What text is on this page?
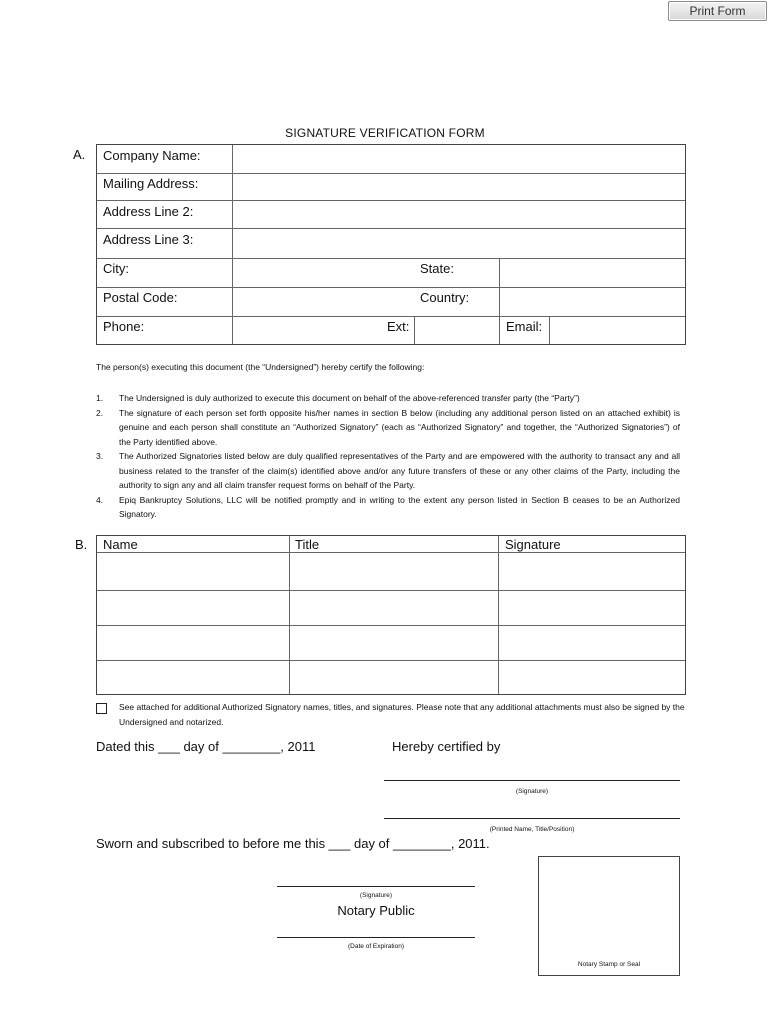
Print Form
SIGNATURE VERIFICATION FORM
A. Company Name:
Mailing Address:
Address Line 2:
Address Line 3:
City:	State:
Postal Code:	Country:
Phone:	Ext:	Email:
The person(s) executing this document (the “Undersigned”) hereby certify the following:
1.	The Undersigned is duly authorized to execute this document on behalf of the above-referenced transfer party (the “Party”)
2.	The signature of each person set forth opposite his/her names in section B below (including any additional person listed on an attached exhibit) is genuine and each person shall constitute an “Authorized Signatory” (each as “Authorized Signatory” and together, the “Authorized Signatories”) of the Party identified above.
3.	The Authorized Signatories listed below are duly qualified representatives of the Party and are empowered with the authority to transact any and all business related to the transfer of the claim(s) identified above and/or any future transfers of these or any other claims of the Party, including the authority to sign any and all claim transfer request forms on behalf of the Party.
4.	Epiq Bankruptcy Solutions, LLC will be notified promptly and in writing to the extent any person listed in Section B ceases to be an Authorized Signatory.
B. Name	Title	Signature
See attached for additional Authorized Signatory names, titles, and signatures. Please note that any additional attachments must also be signed by the Undersigned and notarized.
Dated this ___ day of ________, 2011	Hereby certified by
(Signature)
(Printed Name, Title/Position)
Sworn and subscribed to before me this ___ day of ________, 2011.
(Signature)
Notary Public
(Date of Expiration)
Notary Stamp or Seal
